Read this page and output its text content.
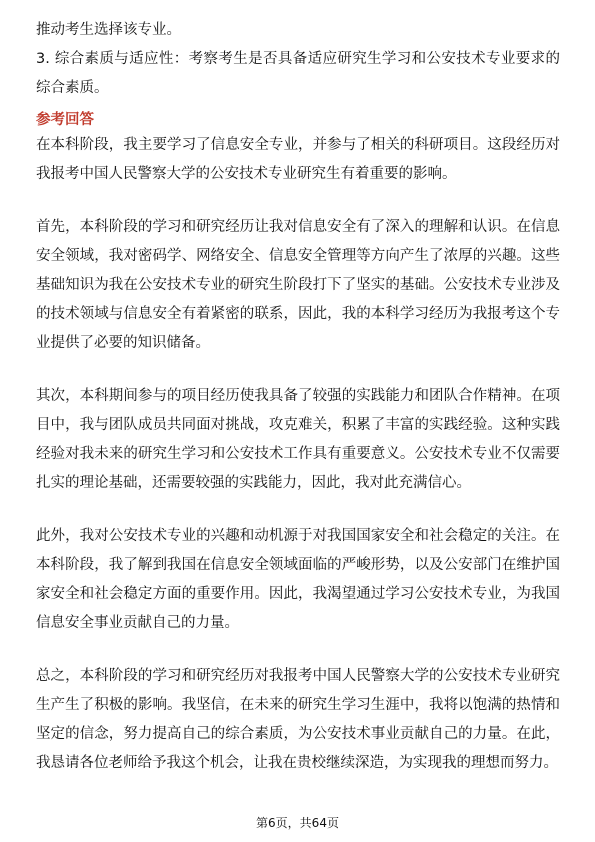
推动考生选择该专业。

3. 综合素质与适应性：考察考生是否具备适应研究生学习和公安技术专业要求的综合素质。

参考回答

在本科阶段，我主要学习了信息安全专业，并参与了相关的科研项目。这段经历对我报考中国人民警察大学的公安技术专业研究生有着重要的影响。

首先，本科阶段的学习和研究经历让我对信息安全有了深入的理解和认识。在信息安全领域，我对密码学、网络安全、信息安全管理等方向产生了浓厚的兴趣。这些基础知识为我在公安技术专业的研究生阶段打下了坚实的基础。公安技术专业涉及的技术领域与信息安全有着紧密的联系，因此，我的本科学习经历为我报考这个专业提供了必要的知识储备。

其次，本科期间参与的项目经历使我具备了较强的实践能力和团队合作精神。在项目中，我与团队成员共同面对挑战，攻克难关，积累了丰富的实践经验。这种实践经验对我未来的研究生学习和公安技术工作具有重要意义。公安技术专业不仅需要扎实的理论基础，还需要较强的实践能力，因此，我对此充满信心。

此外，我对公安技术专业的兴趣和动机源于对我国国家安全和社会稳定的关注。在本科阶段，我了解到我国在信息安全领域面临的严峻形势，以及公安部门在维护国家安全和社会稳定方面的重要作用。因此，我渴望通过学习公安技术专业，为我国信息安全事业贡献自己的力量。

总之，本科阶段的学习和研究经历对我报考中国人民警察大学的公安技术专业研究生产生了积极的影响。我坚信，在未来的研究生学习生涯中，我将以饱满的热情和坚定的信念，努力提高自己的综合素质，为公安技术事业贡献自己的力量。在此，我恳请各位老师给予我这个机会，让我在贵校继续深造，为实现我的理想而努力。

第6页，共64页
